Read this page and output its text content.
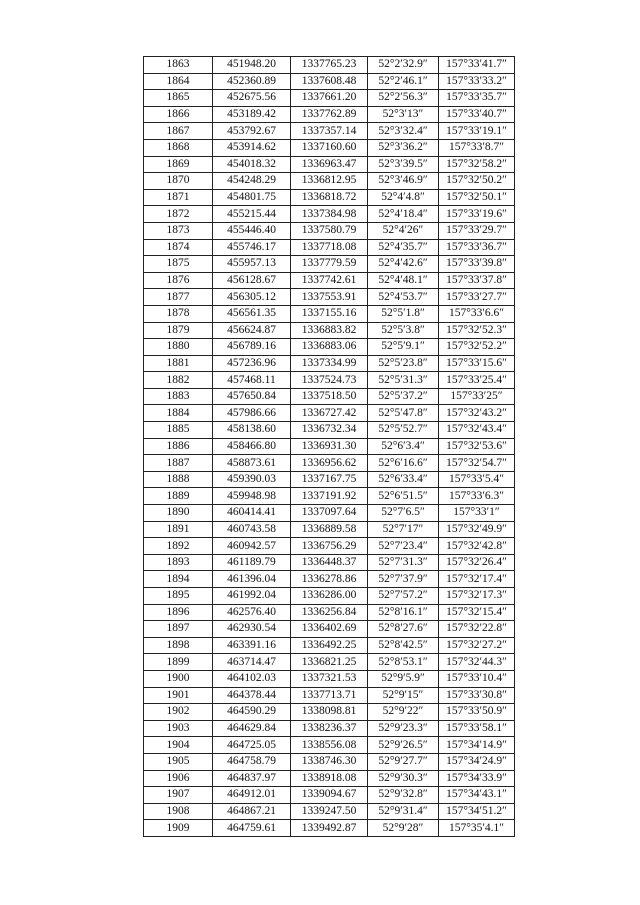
1863	451948.20	1337765.23	52°2′32.9″	157°33′41.7″
1864	452360.89	1337608.48	52°2′46.1″	157°33′33.2″
1865	452675.56	1337661.20	52°2′56.3″	157°33′35.7″
1866	453189.42	1337762.89	52°3′13″	157°33′40.7″
1867	453792.67	1337357.14	52°3′32.4″	157°33′19.1″
1868	453914.62	1337160.60	52°3′36.2″	157°33′8.7″
1869	454018.32	1336963.47	52°3′39.5″	157°32′58.2″
1870	454248.29	1336812.95	52°3′46.9″	157°32′50.2″
1871	454801.75	1336818.72	52°4′4.8″	157°32′50.1″
1872	455215.44	1337384.98	52°4′18.4″	157°33′19.6″
1873	455446.40	1337580.79	52°4′26″	157°33′29.7″
1874	455746.17	1337718.08	52°4′35.7″	157°33′36.7″
1875	455957.13	1337779.59	52°4′42.6″	157°33′39.8″
1876	456128.67	1337742.61	52°4′48.1″	157°33′37.8″
1877	456305.12	1337553.91	52°4′53.7″	157°33′27.7″
1878	456561.35	1337155.16	52°5′1.8″	157°33′6.6″
1879	456624.87	1336883.82	52°5′3.8″	157°32′52.3″
1880	456789.16	1336883.06	52°5′9.1″	157°32′52.2″
1881	457236.96	1337334.99	52°5′23.8″	157°33′15.6″
1882	457468.11	1337524.73	52°5′31.3″	157°33′25.4″
1883	457650.84	1337518.50	52°5′37.2″	157°33′25″
1884	457986.66	1336727.42	52°5′47.8″	157°32′43.2″
1885	458138.60	1336732.34	52°5′52.7″	157°32′43.4″
1886	458466.80	1336931.30	52°6′3.4″	157°32′53.6″
1887	458873.61	1336956.62	52°6′16.6″	157°32′54.7″
1888	459390.03	1337167.75	52°6′33.4″	157°33′5.4″
1889	459948.98	1337191.92	52°6′51.5″	157°33′6.3″
1890	460414.41	1337097.64	52°7′6.5″	157°33′1″
1891	460743.58	1336889.58	52°7′17″	157°32′49.9″
1892	460942.57	1336756.29	52°7′23.4″	157°32′42.8″
1893	461189.79	1336448.37	52°7′31.3″	157°32′26.4″
1894	461396.04	1336278.86	52°7′37.9″	157°32′17.4″
1895	461992.04	1336286.00	52°7′57.2″	157°32′17.3″
1896	462576.40	1336256.84	52°8′16.1″	157°32′15.4″
1897	462930.54	1336402.69	52°8′27.6″	157°32′22.8″
1898	463391.16	1336492.25	52°8′42.5″	157°32′27.2″
1899	463714.47	1336821.25	52°8′53.1″	157°32′44.3″
1900	464102.03	1337321.53	52°9′5.9″	157°33′10.4″
1901	464378.44	1337713.71	52°9′15″	157°33′30.8″
1902	464590.29	1338098.81	52°9′22″	157°33′50.9″
1903	464629.84	1338236.37	52°9′23.3″	157°33′58.1″
1904	464725.05	1338556.08	52°9′26.5″	157°34′14.9″
1905	464758.79	1338746.30	52°9′27.7″	157°34′24.9″
1906	464837.97	1338918.08	52°9′30.3″	157°34′33.9″
1907	464912.01	1339094.67	52°9′32.8″	157°34′43.1″
1908	464867.21	1339247.50	52°9′31.4″	157°34′51.2″
1909	464759.61	1339492.87	52°9′28″	157°35′4.1″
